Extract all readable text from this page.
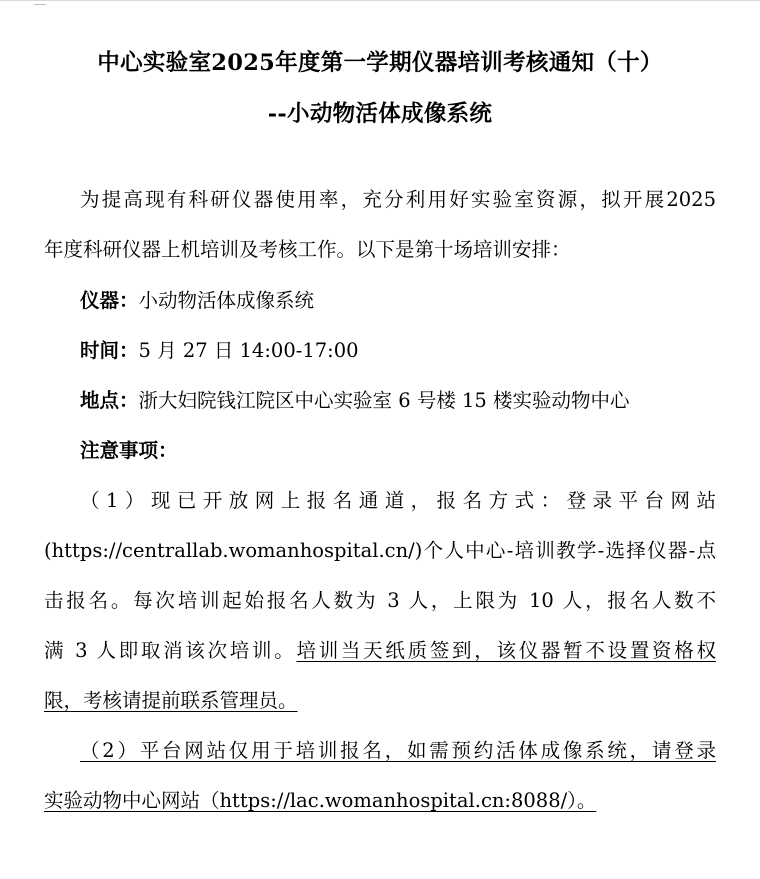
中心实验室2025年度第一学期仪器培训考核通知（十）
--小动物活体成像系统
为提高现有科研仪器使用率，充分利用好实验室资源，拟开展2025
年度科研仪器上机培训及考核工作。以下是第十场培训安排：
仪器：小动物活体成像系统
时间：5 月 27 日 14:00-17:00
地点：浙大妇院钱江院区中心实验室 6 号楼 15 楼实验动物中心
注意事项：
（1）现已开放网上报名通道，报名方式：登录平台网站
(https://centrallab.womanhospital.cn/)个人中心-培训教学-选择仪器-点
击报名。每次培训起始报名人数为 3 人，上限为 10 人，报名人数不
满 3 人即取消该次培训。培训当天纸质签到，该仪器暂不设置资格权
限，考核请提前联系管理员。
（2）平台网站仅用于培训报名，如需预约活体成像系统，请登录
实验动物中心网站（https://lac.womanhospital.cn:8088/）。
